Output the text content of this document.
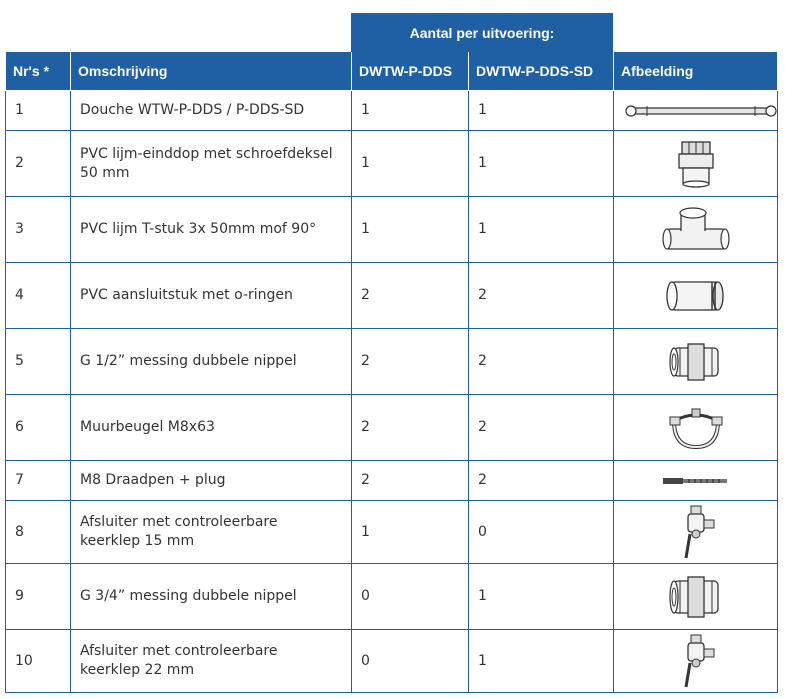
Aantal per uitvoering:
Nr's *	Omschrijving	DWTW-P-DDS	DWTW-P-DDS-SD	Afbeelding
1	Douche WTW-P-DDS / P-DDS-SD	1	1	

2	PVC lijm-einddop met schroefdeksel 50 mm	1	1	

3	PVC lijm T-stuk 3x 50mm mof 90°	1	1	

4	PVC aansluitstuk met o-ringen	2	2	

5	G 1/2” messing dubbele nippel	2	2	

6	Muurbeugel M8x63	2	2	

7	M8 Draadpen + plug	2	2	

8	Afsluiter met controleerbare keerklep 15 mm	1	0	

9	G 3/4” messing dubbele nippel	0	1	

10	Afsluiter met controleerbare keerklep 22 mm	0	1	
